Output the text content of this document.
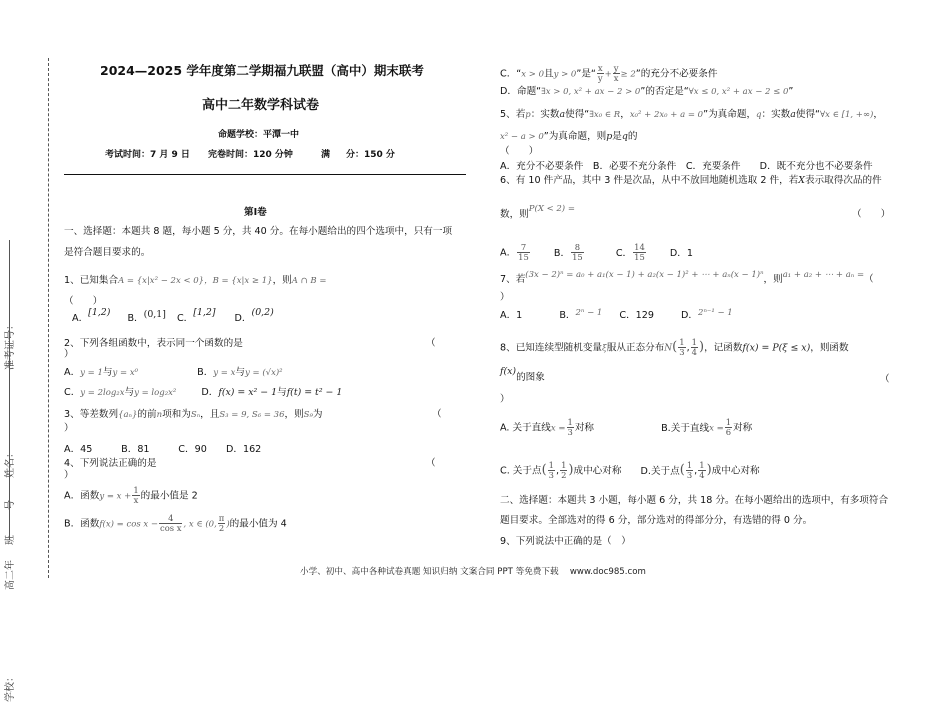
准考证号：
姓名：
号
班
高二年
学校：
2024—2025 学年度第二学期福九联盟（高中）期末联考
高中二年数学科试卷
命题学校：平潭一中
考试时间：7 月 9 日 完卷时间：120 分钟	满 分：150 分
第Ⅰ卷
一、选择题：本题共 8 题，每小题 5 分，共 40 分。在每小题给出的四个选项中，只有一项
是符合题目要求的。
1、已知集合A = {x|x² − 2x < 0}，B = {x|x ≥ 1}，则A ∩ B =
（　　）
A．[1,2) B．(0,1] C．[1,2] D．(0,2)
2、下列各组函数中，表示同一个函数的是	（
）
A．y = 1与y = x⁰	B．y = x与y = (√x)²
C．y = 2log₂x与y = log₂x²	D．f(x) = x² − 1与f(t) = t² − 1
3、等差数列{aₙ}的前n项和为Sₙ，且S₃ = 9, S₆ = 36，则S₉为	（
）
A．45　　　B．81　　　C．90　　D．162
4、下列说法正确的是	（
）
A．函数$y = x + \frac{1}{x}$ 的最小值是 2
B．函数$f(x) = \cos x - \frac{4}{\text{cos x}}$ , x ∈ (0, $\frac{\pi}{2}$ )的最小值为 4
C．“x > 0且y > 0”是“ $\frac{x}{y} + \frac{y}{x} \ge 2$”的充分不必要条件
D．命题“∃x > 0, x² + ax − 2 > 0”的否定是“∀x ≤ 0, x² + ax − 2 ≤ 0”
5、若p：实数a使得“∃x₀ ∈ R，x₀² + 2x₀ + a = 0”为真命题，q：实数a使得“∀x ∈ [1, +∞)，
x² − a > 0”为真命题，则p是q的
（　　）
A．充分不必要条件　B．必要不充分条件　C．充要条件　　D．既不充分也不必要条件
6、有 10 件产品，其中 3 件是次品，从中不放回地随机选取 2 件，若X表示取得次品的件
数，则P(X < 2) =	（　　）
A． $\frac{7}{15}$	B． $\frac{8}{15}$	C． $\frac{14}{15}$	D．1
7、若(3x − 2)ⁿ = a₀ + a₁(x − 1) + a₂(x − 1)² + ⋯ + aₙ(x − 1)ⁿ，则a₁ + a₂ + ⋯ + aₙ = （
）
A．1	B．2ⁿ − 1 C．129	D．2ⁿ⁻¹ − 1
8、已知连续型随机变量ξ服从正态分布$N( \frac{1}{3}$ , $\frac{1}{4}$ )，记函数f(x) = P(ξ ≤ x)，则函数
f(x)的图象	（
）
A. 关于直线$x = \frac{1}{3}$ 对称	B.关于直线$x = \frac{1}{6}$ 对称
C. 关于点( $\frac{1}{3}$ , $\frac{1}{2}$ )成中心对称 D.关于点( $\frac{1}{3}$ , $\frac{1}{4}$ )成中心对称
二、选择题：本题共 3 小题，每小题 6 分，共 18 分。在每小题给出的选项中，有多项符合
题目要求。全部选对的得 6 分，部分选对的得部分分，有选错的得 0 分。
9、下列说法中正确的是（　）
小学、初中、高中各种试卷真题 知识归纳 文案合同 PPT 等免费下载　 www.doc985.com
